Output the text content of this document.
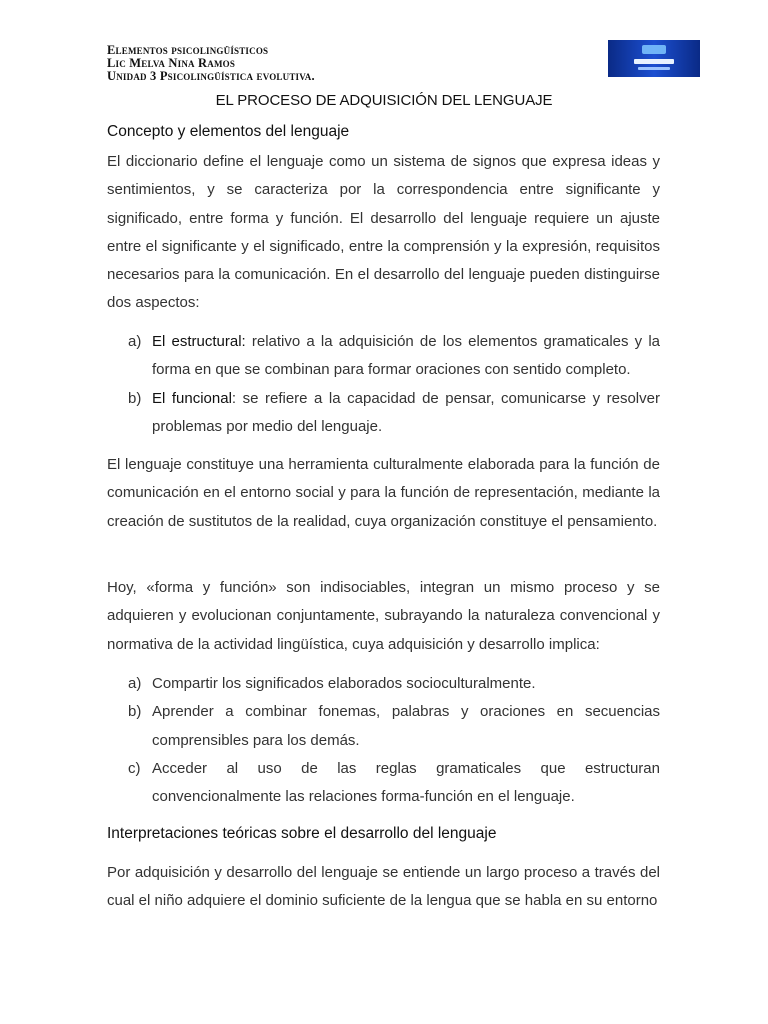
Elementos psicolingüísticos
Lic Melva Nina Ramos
Unidad 3 Psicolingüística evolutiva.
EL PROCESO DE ADQUISICIÓN DEL LENGUAJE
Concepto y elementos del lenguaje

El diccionario define el lenguaje como un sistema de signos que expresa ideas y sentimientos, y se caracteriza por la correspondencia entre significante y significado, entre forma y función. El desarrollo del lenguaje requiere un ajuste entre el significante y el significado, entre la comprensión y la expresión, requisitos necesarios para la comunicación. En el desarrollo del lenguaje pueden distinguirse dos aspectos:

a) El estructural: relativo a la adquisición de los elementos gramaticales y la forma en que se combinan para formar oraciones con sentido completo.
b) El funcional: se refiere a la capacidad de pensar, comunicarse y resolver problemas por medio del lenguaje.

El lenguaje constituye una herramienta culturalmente elaborada para la función de comunicación en el entorno social y para la función de representación, mediante la creación de sustitutos de la realidad, cuya organización constituye el pensamiento.

Hoy, «forma y función» son indisociables, integran un mismo proceso y se adquieren y evolucionan conjuntamente, subrayando la naturaleza convencional y normativa de la actividad lingüística, cuya adquisición y desarrollo implica:

a) Compartir los significados elaborados socioculturalmente.
b) Aprender a combinar fonemas, palabras y oraciones en secuencias comprensibles para los demás.
c) Acceder al uso de las reglas gramaticales que estructuran convencionalmente las relaciones forma-función en el lenguaje.
Interpretaciones teóricas sobre el desarrollo del lenguaje

Por adquisición y desarrollo del lenguaje se entiende un largo proceso a través del cual el niño adquiere el dominio suficiente de la lengua que se habla en su entorno
